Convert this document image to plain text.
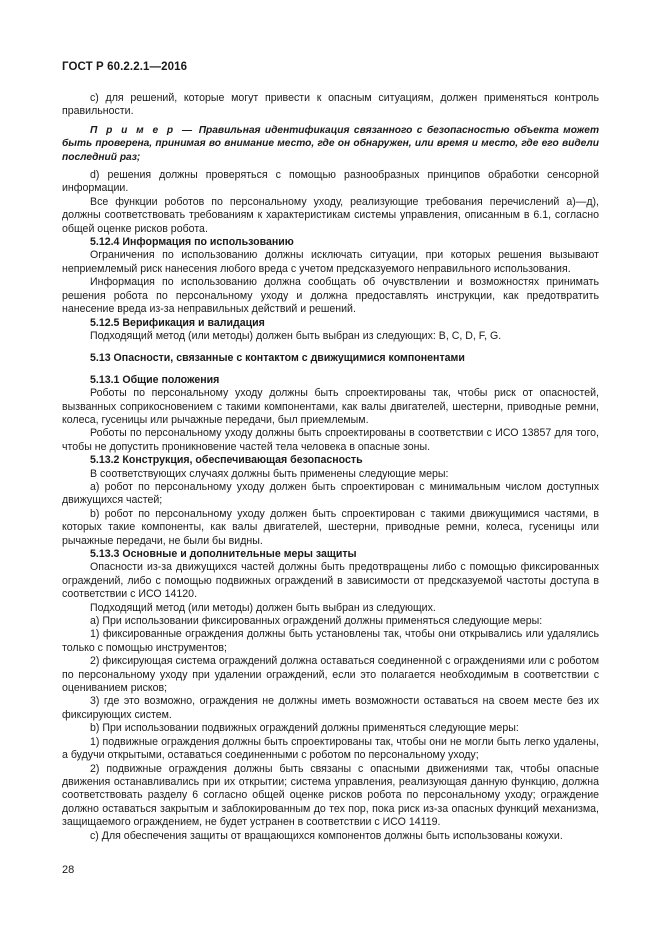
ГОСТ Р 60.2.2.1—2016

c) для решений, которые могут привести к опасным ситуациям, должен применяться контроль правильности.

П р и м е р — Правильная идентификация связанного с безопасностью объекта может быть проверена, принимая во внимание место, где он обнаружен, или время и место, где его видели последний раз;

d) решения должны проверяться с помощью разнообразных принципов обработки сенсорной информации.

Все функции роботов по персональному уходу, реализующие требования перечислений а)—д), должны соответствовать требованиям к характеристикам системы управления, описанным в 6.1, согласно общей оценке рисков робота.

5.12.4 Информация по использованию

Ограничения по использованию должны исключать ситуации, при которых решения вызывают неприемлемый риск нанесения любого вреда с учетом предсказуемого неправильного использования.

Информация по использованию должна сообщать об очувствлении и возможностях принимать решения робота по персональному уходу и должна предоставлять инструкции, как предотвратить нанесение вреда из-за неправильных действий и решений.

5.12.5 Верификация и валидация

Подходящий метод (или методы) должен быть выбран из следующих: B, C, D, F, G.

5.13 Опасности, связанные с контактом с движущимися компонентами

5.13.1 Общие положения

Роботы по персональному уходу должны быть спроектированы так, чтобы риск от опасностей, вызванных соприкосновением с такими компонентами, как валы двигателей, шестерни, приводные ремни, колеса, гусеницы или рычажные передачи, был приемлемым.

Роботы по персональному уходу должны быть спроектированы в соответствии с ИСО 13857 для того, чтобы не допустить проникновение частей тела человека в опасные зоны.

5.13.2 Конструкция, обеспечивающая безопасность

В соответствующих случаях должны быть применены следующие меры:

а) робот по персональному уходу должен быть спроектирован с минимальным числом доступных движущихся частей;

b) робот по персональному уходу должен быть спроектирован с такими движущимися частями, в которых такие компоненты, как валы двигателей, шестерни, приводные ремни, колеса, гусеницы или рычажные передачи, не были бы видны.

5.13.3 Основные и дополнительные меры защиты

Опасности из-за движущихся частей должны быть предотвращены либо с помощью фиксированных ограждений, либо с помощью подвижных ограждений в зависимости от предсказуемой частоты доступа в соответствии с ИСО 14120.

Подходящий метод (или методы) должен быть выбран из следующих.

а) При использовании фиксированных ограждений должны применяться следующие меры:

1) фиксированные ограждения должны быть установлены так, чтобы они открывались или удалялись только с помощью инструментов;

2) фиксирующая система ограждений должна оставаться соединенной с ограждениями или с роботом по персональному уходу при удалении ограждений, если это полагается необходимым в соответствии с оцениванием рисков;

3) где это возможно, ограждения не должны иметь возможности оставаться на своем месте без их фиксирующих систем.

b) При использовании подвижных ограждений должны применяться следующие меры:

1) подвижные ограждения должны быть спроектированы так, чтобы они не могли быть легко удалены, а будучи открытыми, оставаться соединенными с роботом по персональному уходу;

2) подвижные ограждения должны быть связаны с опасными движениями так, чтобы опасные движения останавливались при их открытии; система управления, реализующая данную функцию, должна соответствовать разделу 6 согласно общей оценке рисков робота по персональному уходу; ограждение должно оставаться закрытым и заблокированным до тех пор, пока риск из-за опасных функций механизма, защищаемого ограждением, не будет устранен в соответствии с ИСО 14119.

c) Для обеспечения защиты от вращающихся компонентов должны быть использованы кожухи.

28
